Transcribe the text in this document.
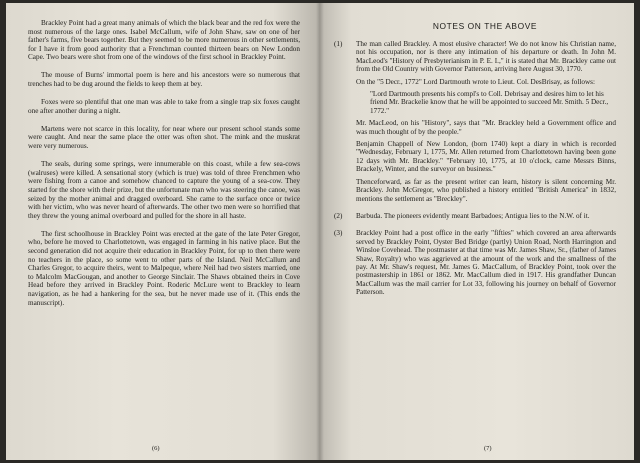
Brackley Point had a great many animals of which the black bear and the red fox were the most numerous of the large ones. Isabel McCallum, wife of John Shaw, saw on one of her father's farms, five bears together. But they seemed to be more numerous in other settlements, for I have it from good authority that a Frenchman counted thirteen bears on New London Cape. Two bears were shot from one of the windows of the first school in Brackley Point.

The mouse of Burns' immortal poem is here and his ancestors were so numerous that trenches had to be dug around the fields to keep them at bey.

Foxes were so plentiful that one man was able to take from a single trap six foxes caught one after another during a night.

Martens were not scarce in this locality, for near where our present school stands some were caught. And near the same place the otter was often shot. The mink and the muskrat were very numerous.

The seals, during some springs, were innumerable on this coast, while a few sea-cows (walruses) were killed. A sensational story (which is true) was told of three Frenchmen who were fishing from a canoe and somehow chanced to capture the young of a sea-cow. They started for the shore with their prize, but the unfortunate man who was steering the canoe, was seized by the mother animal and dragged overboard. She came to the surface once or twice with her victim, who was never heard of afterwards. The other two men were so horrified that they threw the young animal overboard and pulled for the shore in all haste.

The first schoolhouse in Brackley Point was erected at the gate of the late Peter Gregor, who, before he moved to Charlottetown, was engaged in farming in his native place. But the second generation did not acquire their education in Brackley Point, for up to then there were no teachers in the place, so some went to other parts of the Island. Neil McCallum and Charles Gregor, to acquire theirs, went to Malpeque, where Neil had two sisters married, one to Malcolm MacGougan, and another to George Sinclair. The Shaws obtained theirs in Cove Head before they arrived in Brackley Point. Roderic McLure went to Brackley to learn navigation, as he had a hankering for the sea, but he never made use of it. (This ends the manuscript).

(6)
NOTES ON THE ABOVE
(1)	The man called Brackley. A most elusive character! We do not know his Christian name, not his occupation, nor is there any intimation of his departure or death. In John M. MacLeod's "History of Presbyterianism in P. E. I.," it is stated that Mr. Brackley came out from the Old Country with Governor Patterson, arriving here August 30, 1770.

On the "5 Decr., 1772" Lord Dartmouth wrote to Lieut. Col. DesBrisay, as follows:

"Lord Dartmouth presents his compl's to Coll. Debrisay and desires him to let his friend Mr. Brackelie know that he will be appointed to succeed Mr. Smith. 5 Decr., 1772."

Mr. MacLeod, on his "History", says that "Mr. Brackley held a Government office and was much thought of by the people."

Benjamin Chappell of New London, (born 1740) kept a diary in which is recorded "Wednesday, February 1, 1775, Mr. Allen returned from Charlottetown having been gone 12 days with Mr. Brackley." "February 10, 1775, at 10 o'clock, came Messrs Binns, Brackely, Winter, and the surveyor on business."

Thenceforward, as far as the present writer can learn, history is silent concerning Mr. Brackley. John McGregor, who published a history entitled "British America" in 1832, mentions the settlement as "Breckley".

(2)	Barbuda. The pioneers evidently meant Barbadoes; Antigua lies to the N.W. of it.

(3)	Brackley Point had a post office in the early "fifties" which covered an area afterwards served by Brackley Point, Oyster Bed Bridge (partly) Union Road, North Harrington and Winsloe Covehead. The postmaster at that time was Mr. James Shaw, Sr., (father of James Shaw, Royalty) who was aggrieved at the amount of the work and the smallness of the pay. At Mr. Shaw's request, Mr. James G. MacCallum, of Brackley Point, took over the postmastership in 1861 or 1862. Mr. MacCallum died in 1917. His grandfather Duncan MacCallum was the mail carrier for Lot 33, following his journey on behalf of Governor Patterson.

(7)
